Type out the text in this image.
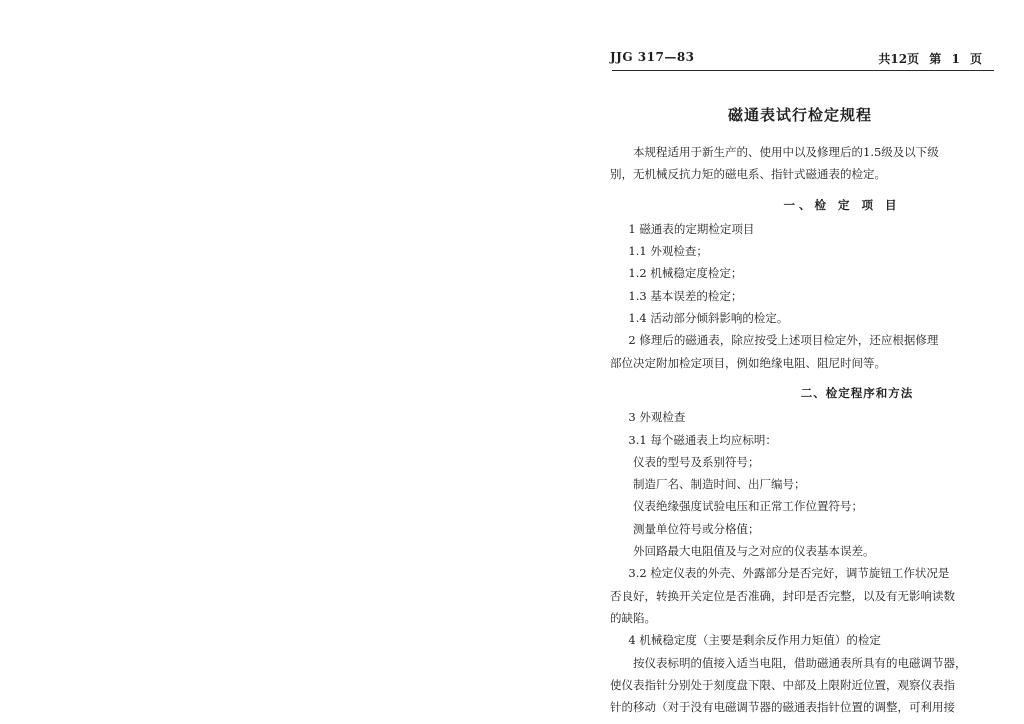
JJG 317—83	共12页 第 1 页
磁通表试行检定规程

本规程适用于新生产的、使用中以及修理后的1.5级及以下级

别，无机械反抗力矩的磁电系、指针式磁通表的检定。

一、检 定 项 目

1 磁通表的定期检定项目

1.1 外观检查；

1.2 机械稳定度检定；

1.3 基本误差的检定；

1.4 活动部分倾斜影响的检定。

2 修理后的磁通表，除应按受上述项目检定外，还应根据修理

部位决定附加检定项目，例如绝缘电阻、阻尼时间等。

二、检定程序和方法

3 外观检查

3.1 每个磁通表上均应标明：

仪表的型号及系别符号；

制造厂名、制造时间、出厂编号；

仪表绝缘强度试验电压和正常工作位置符号；

测量单位符号或分格值；

外回路最大电阻值及与之对应的仪表基本误差。

3.2 检定仪表的外壳、外露部分是否完好，调节旋钮工作状况是

否良好，转换开关定位是否准确，封印是否完整，以及有无影响读数

的缺陷。

4 机械稳定度（主要是剩余反作用力矩值）的检定

按仪表标明的值接入适当电阻，借助磁通表所具有的电磁调节器，

使仪表指针分别处于刻度盘下限、中部及上限附近位置，观察仪表指

针的移动（对于没有电磁调节器的磁通表指针位置的调整，可利用接
